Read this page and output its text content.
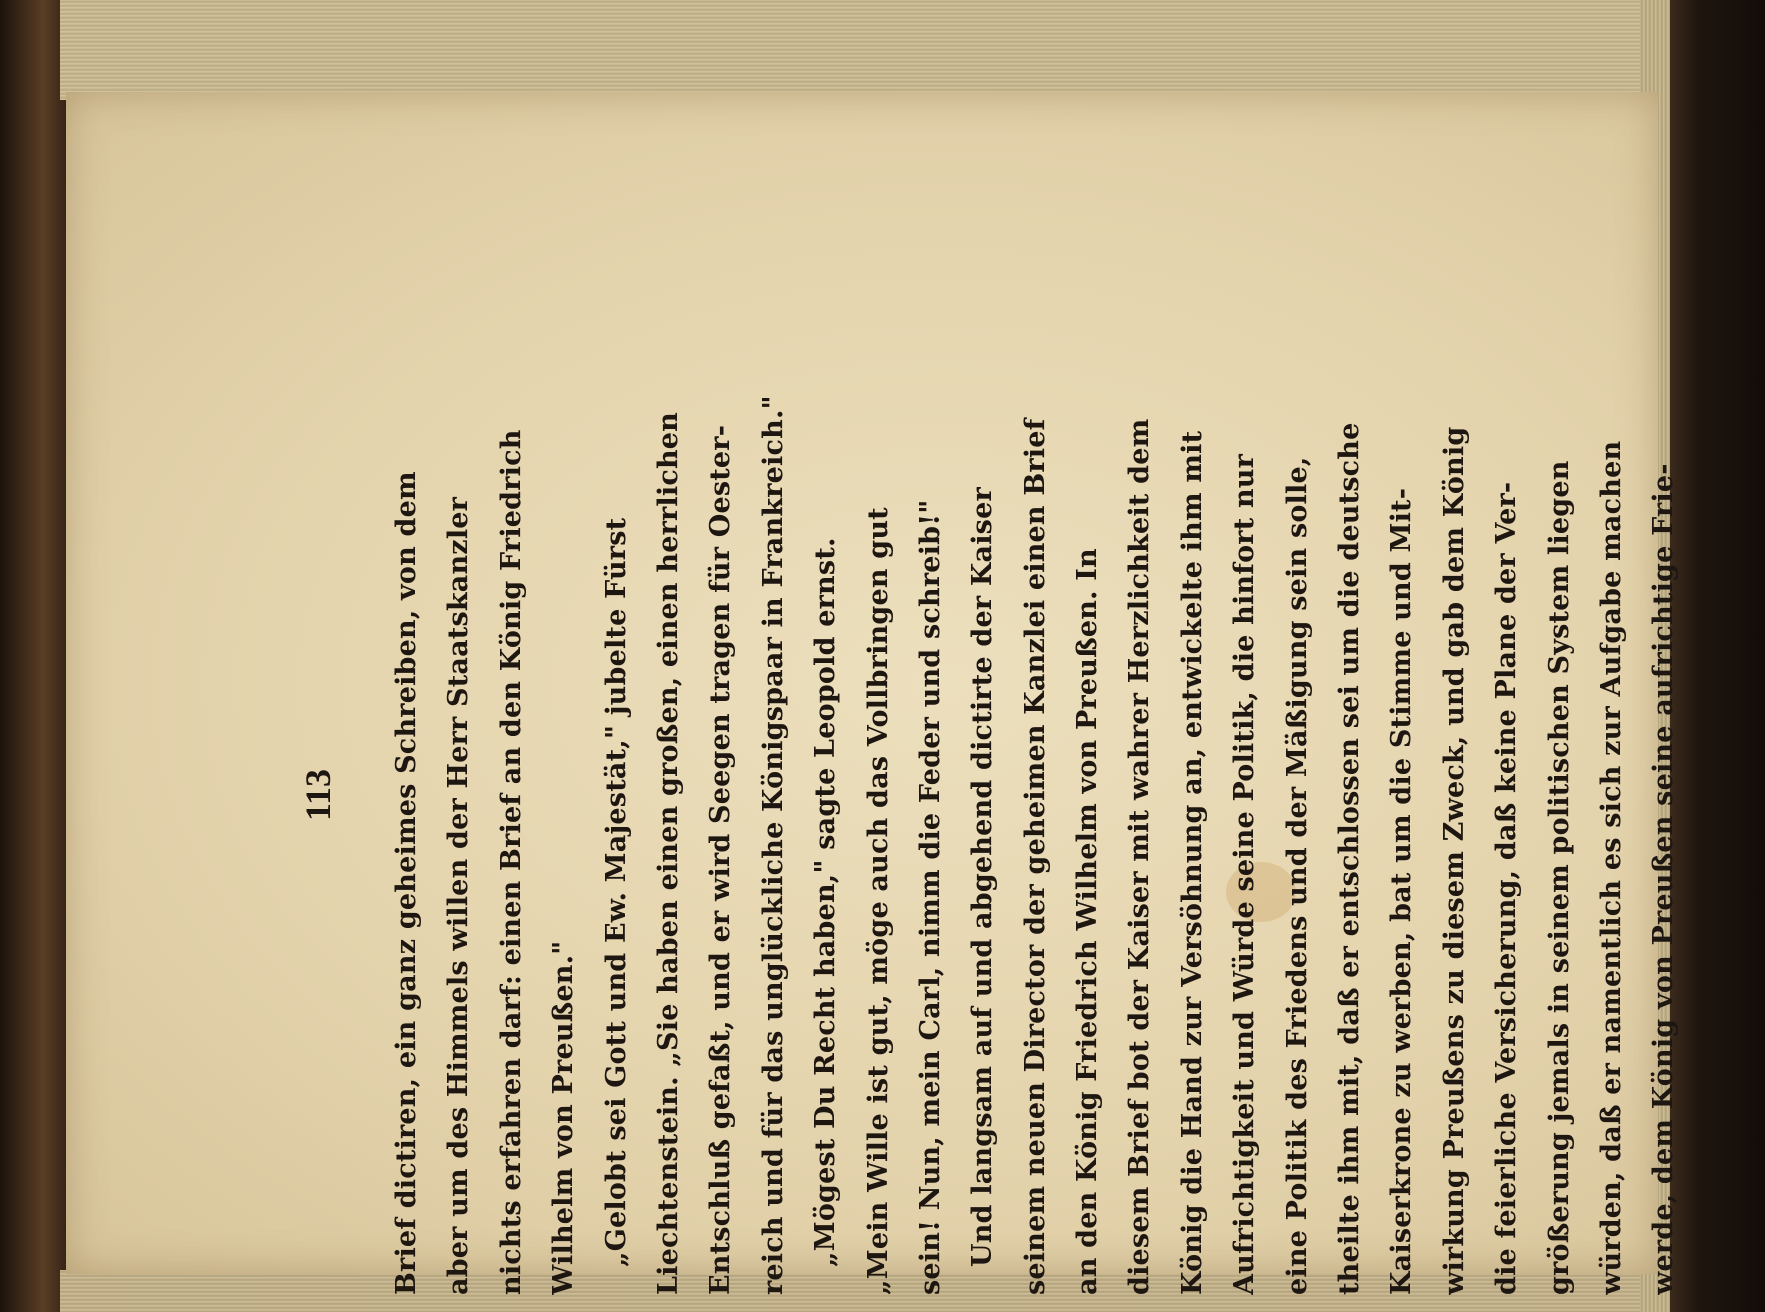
113	Brief dictiren, ein ganz geheimes Schreiben, von dem aber um des Himmels willen der Herr Staatskanzler nichts erfahren darf: einen Brief an den König Friedrich Wilhelm von Preußen." „Gelobt sei Gott und Ew. Majestät," jubelte Fürst Liechtenstein. „Sie haben einen großen, einen herrlichen Entschluß gefaßt, und er wird Seegen tragen für Oester- reich und für das unglückliche Königspaar in Frankreich." „Mögest Du Recht haben," sagte Leopold ernst. „Mein Wille ist gut, möge auch das Vollbringen gut sein! Nun, mein Carl, nimm die Feder und schreib!" Und langsam auf und abgehend dictirte der Kaiser seinem neuen Director der geheimen Kanzlei einen Brief an den König Friedrich Wilhelm von Preußen. In diesem Brief bot der Kaiser mit wahrer Herzlichkeit dem König die Hand zur Versöhnung an, entwickelte ihm mit Aufrichtigkeit und Würde seine Politik, die hinfort nur eine Politik des Friedens und der Mäßigung sein solle, theilte ihm mit, daß er entschlossen sei um die deutsche Kaiserkrone zu werben, bat um die Stimme und Mit- wirkung Preußens zu diesem Zweck, und gab dem König die feierliche Versicherung, daß keine Plane der Ver- größerung jemals in seinem politischen System liegen würden, daß er namentlich es sich zur Aufgabe machen werde, dem König von Preußen seine aufrichtige Frie-
